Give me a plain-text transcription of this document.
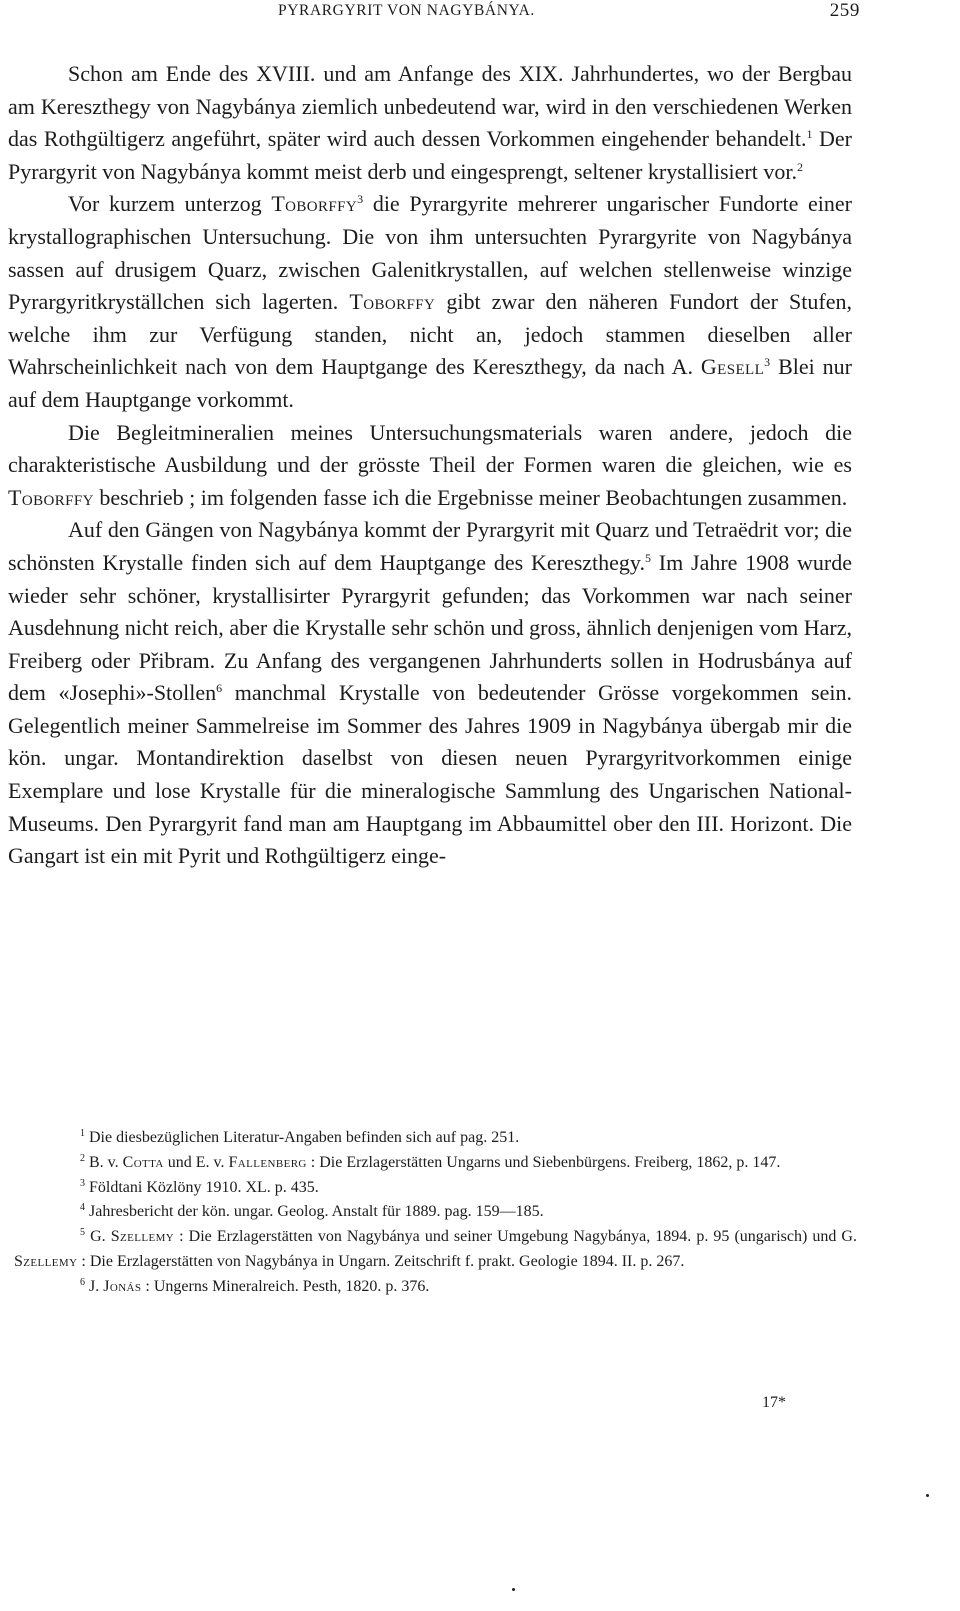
PYRARGYRIT VON NAGYBÁNYA.	259

Schon am Ende des XVIII. und am Anfange des XIX. Jahrhundertes, wo der Bergbau am Kereszthegy von Nagybánya ziemlich unbedeutend war, wird in den verschiedenen Werken das Rothgültigerz angeführt, später wird auch dessen Vorkommen eingehender behandelt.$^1$ Der Pyrargyrit von Nagybánya kommt meist derb und eingesprengt, seltener krystallisiert vor.$^2$

Vor kurzem unterzog Toborffy$^3$ die Pyrargyrite mehrerer ungarischer Fundorte einer krystallographischen Untersuchung. Die von ihm untersuchten Pyrargyrite von Nagybánya sassen auf drusigem Quarz, zwischen Galenitkrystallen, auf welchen stellenweise winzige Pyrargyritkryställchen sich lagerten. Toborffy gibt zwar den näheren Fundort der Stufen, welche ihm zur Verfügung standen, nicht an, jedoch stammen dieselben aller Wahrscheinlichkeit nach von dem Hauptgange des Kereszthegy, da nach A. Gesell$^3$ Blei nur auf dem Hauptgange vorkommt.

Die Begleitmineralien meines Untersuchungsmaterials waren andere, jedoch die charakteristische Ausbildung und der grösste Theil der Formen waren die gleichen, wie es Toborffy beschrieb ; im folgenden fasse ich die Ergebnisse meiner Beobachtungen zusammen.

Auf den Gängen von Nagybánya kommt der Pyrargyrit mit Quarz und Tetraëdrit vor; die schönsten Krystalle finden sich auf dem Hauptgange des Kereszthegy.$^5$ Im Jahre 1908 wurde wieder sehr schöner, krystallisirter Pyrargyrit gefunden; das Vorkommen war nach seiner Ausdehnung nicht reich, aber die Krystalle sehr schön und gross, ähnlich denjenigen vom Harz, Freiberg oder Přibram. Zu Anfang des vergangenen Jahrhunderts sollen in Hodrusbánya auf dem «Josephi»-Stollen$^6$ manchmal Krystalle von bedeutender Grösse vorgekommen sein. Gelegentlich meiner Sammelreise im Sommer des Jahres 1909 in Nagybánya übergab mir die kön. ungar. Montandirektion daselbst von diesen neuen Pyrargyritvorkommen einige Exemplare und lose Krystalle für die mineralogische Sammlung des Ungarischen National-Museums. Den Pyrargyrit fand man am Hauptgang im Abbaumittel ober den III. Horizont. Die Gangart ist ein mit Pyrit und Rothgültigerz einge-

$^1$ Die diesbezüglichen Literatur-Angaben befinden sich auf pag. 251.

$^2$ B. v. Cotta und E. v. Fallenberg : Die Erzlagerstätten Ungarns und Siebenbürgens. Freiberg, 1862, p. 147.

$^3$ Földtani Közlöny 1910. XL. p. 435.

$^4$ Jahresbericht der kön. ungar. Geolog. Anstalt für 1889. pag. 159—185.

$^5$ G. Szellemy : Die Erzlagerstätten von Nagybánya und seiner Umgebung Nagybánya, 1894. p. 95 (ungarisch) und G. Szellemy : Die Erzlagerstätten von Nagybánya in Ungarn. Zeitschrift f. prakt. Geologie 1894. II. p. 267.

$^6$ J. Jonás : Ungerns Mineralreich. Pesth, 1820. p. 376.

17*
